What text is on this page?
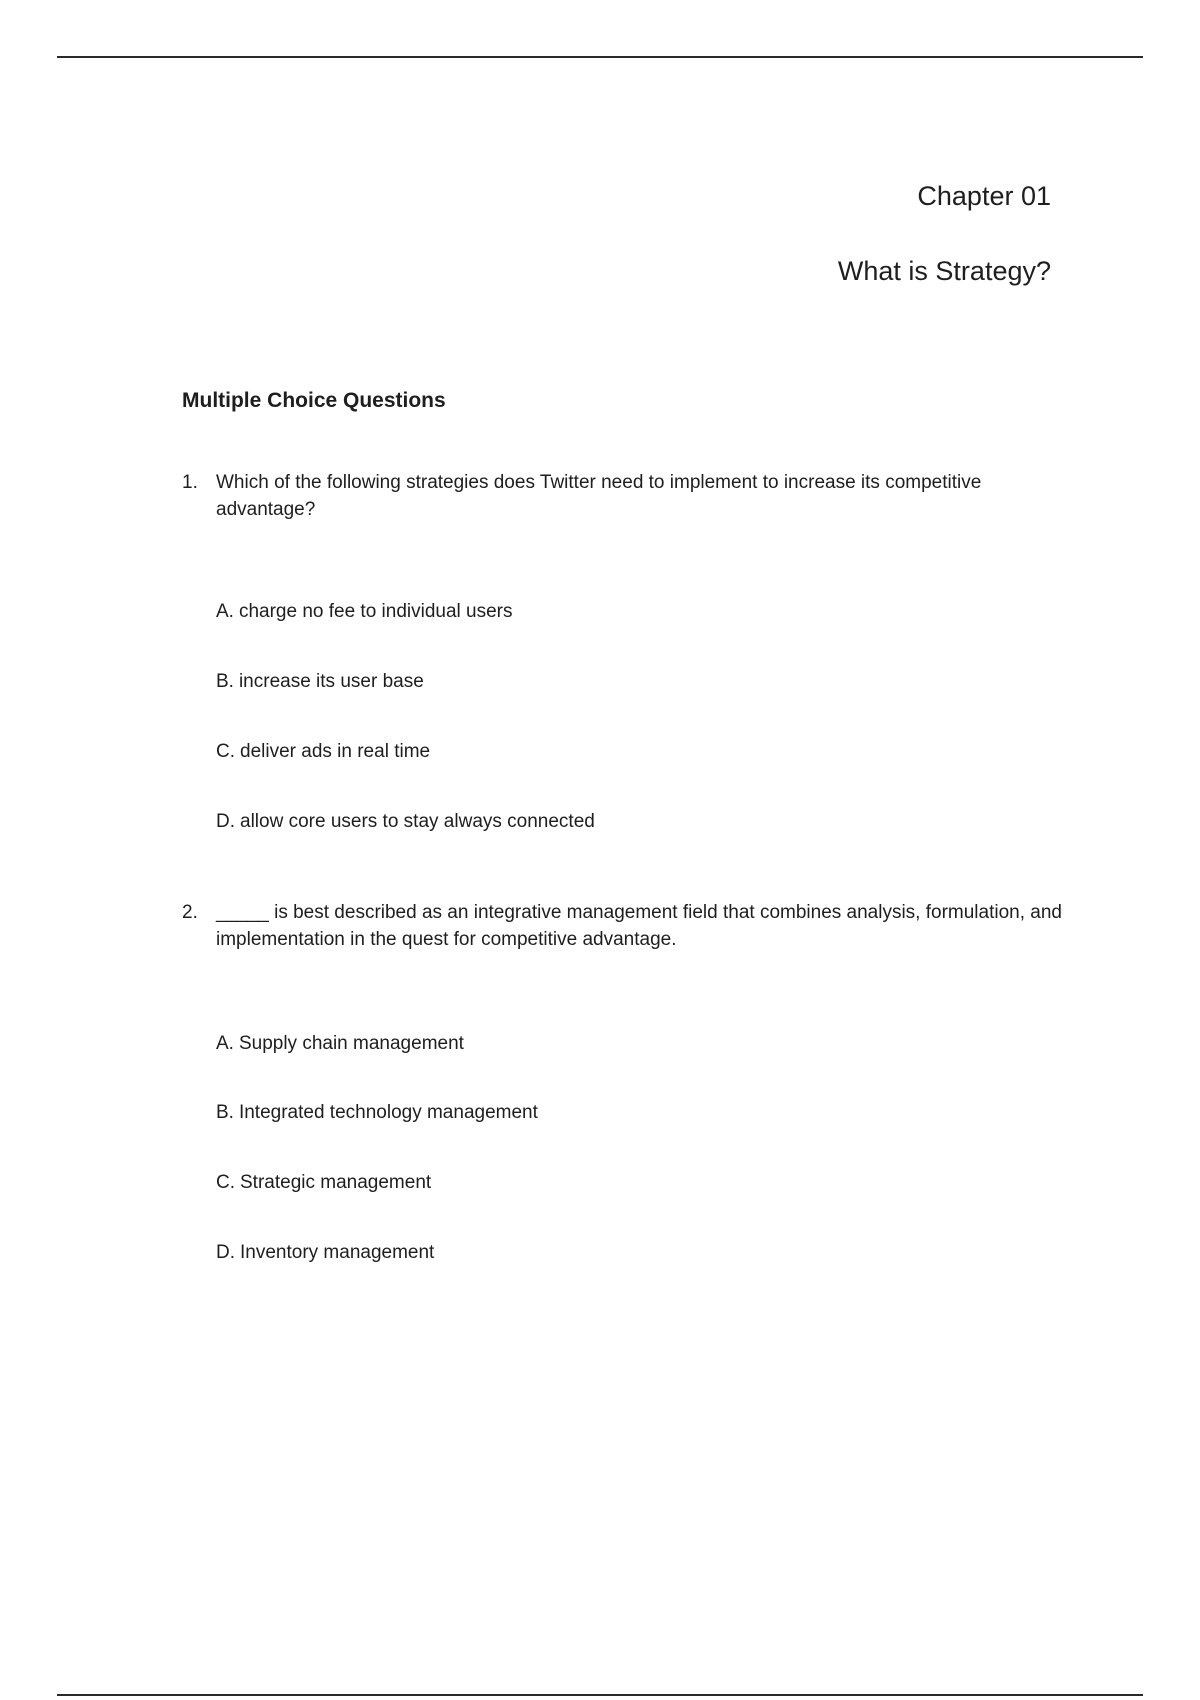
Chapter 01
What is Strategy?
Multiple Choice Questions
1. Which of the following strategies does Twitter need to implement to increase its competitive advantage?
A. charge no fee to individual users
B. increase its user base
C. deliver ads in real time
D. allow core users to stay always connected
2. _____ is best described as an integrative management field that combines analysis, formulation, and implementation in the quest for competitive advantage.
A. Supply chain management
B. Integrated technology management
C. Strategic management
D. Inventory management
